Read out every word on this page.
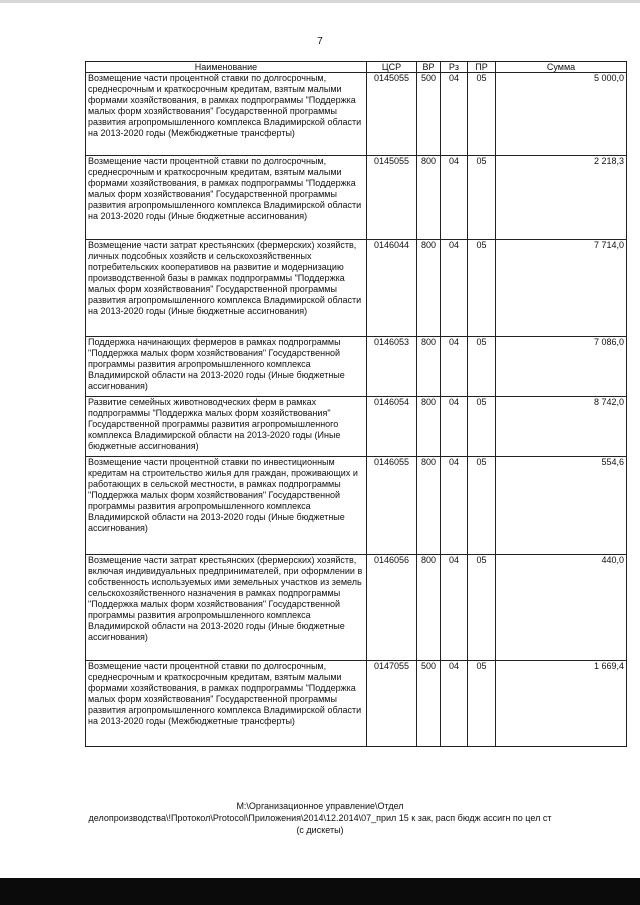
7
Наименование	ЦСР	ВР	Рз	ПР	Сумма
Возмещение части процентной ставки по долгосрочным, среднесрочным и краткосрочным кредитам, взятым малыми формами хозяйствования, в рамках подпрограммы "Поддержка малых форм хозяйствования" Государственной программы развития агропромышленного комплекса Владимирской области на 2013-2020 годы (Межбюджетные трансферты)	0145055	500	04	05	5 000,0
Возмещение части процентной ставки по долгосрочным, среднесрочным и краткосрочным кредитам, взятым малыми формами хозяйствования, в рамках подпрограммы "Поддержка малых форм хозяйствования" Государственной программы развития агропромышленного комплекса Владимирской области на 2013-2020 годы (Иные бюджетные ассигнования)	0145055	800	04	05	2 218,3
Возмещение части затрат крестьянских (фермерских) хозяйств, личных подсобных хозяйств и сельскохозяйственных потребительских кооперативов на развитие и модернизацию производственной базы в рамках подпрограммы "Поддержка малых форм хозяйствования" Государственной программы развития агропромышленного комплекса Владимирской области на 2013-2020 годы (Иные бюджетные ассигнования)	0146044	800	04	05	7 714,0
Поддержка начинающих фермеров в рамках подпрограммы "Поддержка малых форм хозяйствования" Государственной программы развития агропромышленного комплекса Владимирской области на 2013-2020 годы (Иные бюджетные ассигнования)	0146053	800	04	05	7 086,0
Развитие семейных животноводческих ферм в рамках подпрограммы "Поддержка малых форм хозяйствования" Государственной программы развития агропромышленного комплекса Владимирской области на 2013-2020 годы (Иные бюджетные ассигнования)	0146054	800	04	05	8 742,0
Возмещение части процентной ставки по инвестиционным кредитам на строительство жилья для граждан, проживающих и работающих в сельской местности, в рамках подпрограммы "Поддержка малых форм хозяйствования" Государственной программы развития агропромышленного комплекса Владимирской области на 2013-2020 годы (Иные бюджетные ассигнования)	0146055	800	04	05	554,6
Возмещение части затрат крестьянских (фермерских) хозяйств, включая индивидуальных предпринимателей, при оформлении в собственность используемых ими земельных участков из земель сельскохозяйственного назначения в рамках подпрограммы "Поддержка малых форм хозяйствования" Государственной программы развития агропромышленного комплекса Владимирской области на 2013-2020 годы (Иные бюджетные ассигнования)	0146056	800	04	05	440,0
Возмещение части процентной ставки по долгосрочным, среднесрочным и краткосрочным кредитам, взятым малыми формами хозяйствования, в рамках подпрограммы "Поддержка малых форм хозяйствования" Государственной программы развития агропромышленного комплекса Владимирской области на 2013-2020 годы (Межбюджетные трансферты)	0147055	500	04	05	1 669,4
М:\Организационное управление\Отдел
делопроизводства\!Протокол\Protocol\Приложения\2014\12.2014\07_прил 15 к зак, расп бюдж ассигн по цел ст
(с дискеты)
